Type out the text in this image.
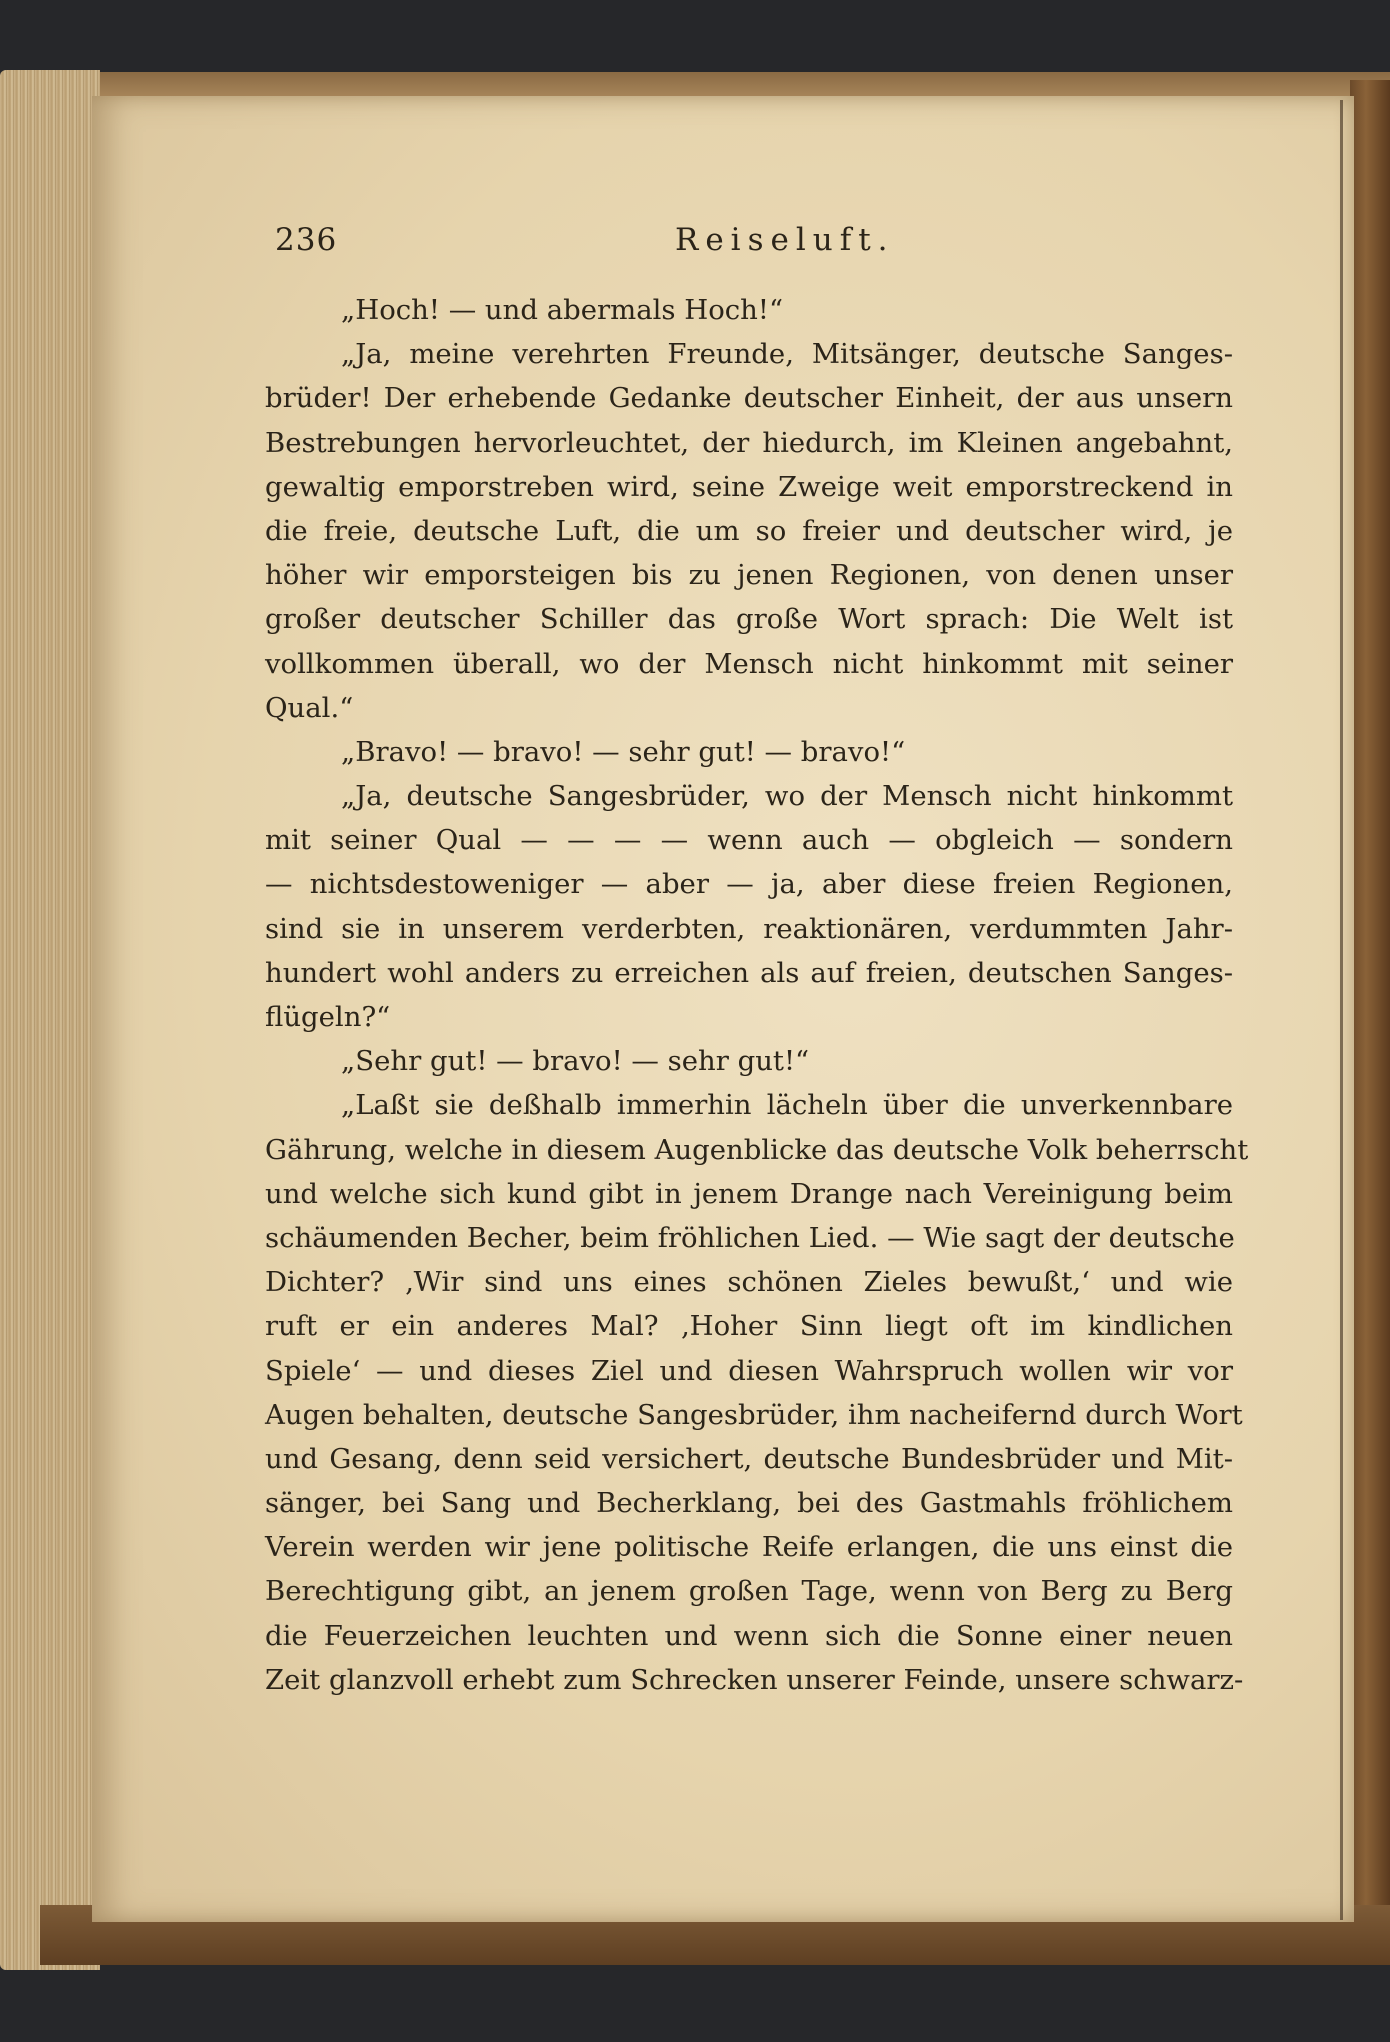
236	Reiseluft.
„Hoch! — und abermals Hoch!“
„Ja, meine verehrten Freunde, Mitsänger, deutsche Sanges-
brüder! Der erhebende Gedanke deutscher Einheit, der aus unsern
Bestrebungen hervorleuchtet, der hiedurch, im Kleinen angebahnt,
gewaltig emporstreben wird, seine Zweige weit emporstreckend in
die freie, deutsche Luft, die um so freier und deutscher wird, je
höher wir emporsteigen bis zu jenen Regionen, von denen unser
großer deutscher Schiller das große Wort sprach: Die Welt ist
vollkommen überall, wo der Mensch nicht hinkommt mit seiner
Qual.“
„Bravo! — bravo! — sehr gut! — bravo!“
„Ja, deutsche Sangesbrüder, wo der Mensch nicht hinkommt
mit seiner Qual — — — — wenn auch — obgleich — sondern
— nichtsdestoweniger — aber — ja, aber diese freien Regionen,
sind sie in unserem verderbten, reaktionären, verdummten Jahr-
hundert wohl anders zu erreichen als auf freien, deutschen Sanges-
flügeln?“
„Sehr gut! — bravo! — sehr gut!“
„Laßt sie deßhalb immerhin lächeln über die unverkennbare
Gährung, welche in diesem Augenblicke das deutsche Volk beherrscht
und welche sich kund gibt in jenem Drange nach Vereinigung beim
schäumenden Becher, beim fröhlichen Lied. — Wie sagt der deutsche
Dichter? ‚Wir sind uns eines schönen Zieles bewußt,‘ und wie
ruft er ein anderes Mal? ‚Hoher Sinn liegt oft im kindlichen
Spiele‘ — und dieses Ziel und diesen Wahrspruch wollen wir vor
Augen behalten, deutsche Sangesbrüder, ihm nacheifernd durch Wort
und Gesang, denn seid versichert, deutsche Bundesbrüder und Mit-
sänger, bei Sang und Becherklang, bei des Gastmahls fröhlichem
Verein werden wir jene politische Reife erlangen, die uns einst die
Berechtigung gibt, an jenem großen Tage, wenn von Berg zu Berg
die Feuerzeichen leuchten und wenn sich die Sonne einer neuen
Zeit glanzvoll erhebt zum Schrecken unserer Feinde, unsere schwarz-
